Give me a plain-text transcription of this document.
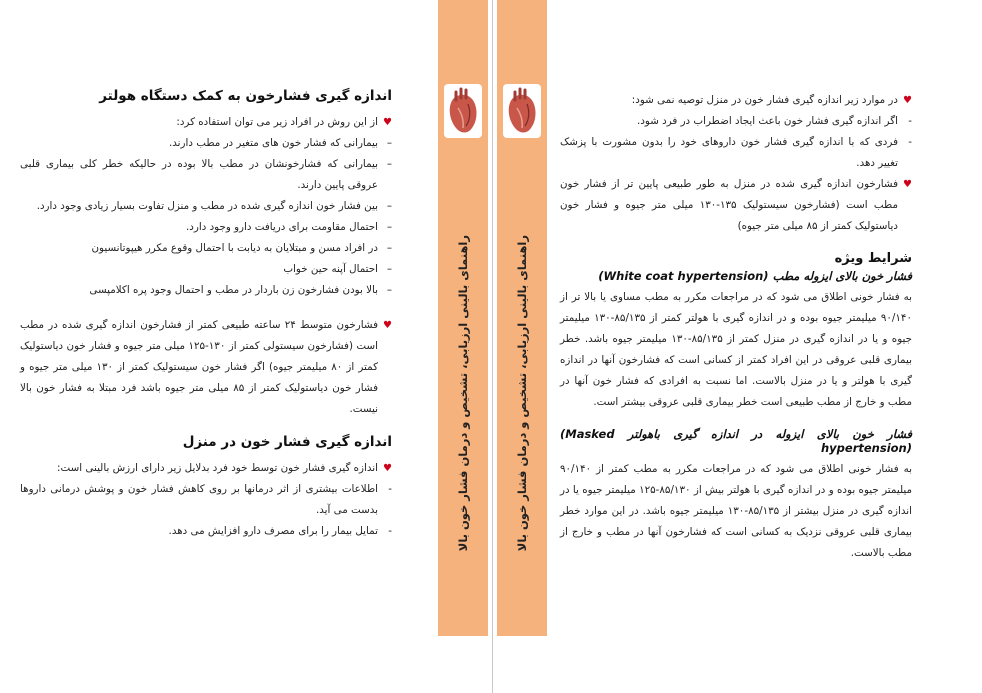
اندازه گیری فشارخون به کمک دستگاه هولتر

♥
از این روش در افراد زیر می توان استفاده کرد:

– بیمارانی که فشار خون های متغیر در مطب دارند.

– بیمارانی که فشارخونشان در مطب بالا بوده در حالیکه خطر کلی بیماری قلبی عروقی پایین دارند.

– بین فشار خون اندازه گیری شده در مطب و منزل تفاوت بسیار زیادی وجود دارد.

– احتمال مقاومت برای دریافت دارو وجود دارد.

– در افراد مسن و مبتلایان به دیابت با احتمال وقوع مکرر هیپوتانسیون

– احتمال آپنه حین خواب

– بالا بودن فشارخون زن باردار در مطب و احتمال وجود پره اکلامپسی

♥
فشارخون متوسط ۲۴ ساعته طبیعی کمتر از فشارخون اندازه گیری شده در مطب است (فشارخون سیستولی کمتر از ۱۳۰-۱۲۵ میلی متر جیوه و فشار خون دیاستولیک کمتر از ۸۰ میلیمتر جیوه) اگر فشار خون سیستولیک کمتر از ۱۳۰ میلی متر جیوه و فشار خون دیاستولیک کمتر از ۸۵ میلی متر جیوه باشد فرد مبتلا به فشار خون بالا نیست.

اندازه گیری فشار خون در منزل

♥
اندازه گیری فشار خون توسط خود فرد بدلایل زیر دارای ارزش بالینی است:

- اطلاعات بیشتری از اثر درمانها بر روی کاهش فشار خون و پوشش درمانی داروها بدست می آید.

- تمایل بیمار را برای مصرف دارو افزایش می دهد.	راهنمای بالینی ارزیابی، تشخیص و درمان فشار خون بالا	راهنمای بالینی ارزیابی، تشخیص و درمان فشار خون بالا

♥
در موارد زیر اندازه گیری فشار خون در منزل توصیه نمی شود:

- اگر اندازه گیری فشار خون باعث ایجاد اضطراب در فرد شود.

- فردی که با اندازه گیری فشار خون داروهای خود را بدون مشورت با پزشک تغییر دهد.

♥
فشارخون اندازه گیری شده در منزل به طور طبیعی پایین تر از فشار خون مطب است (فشارخون سیستولیک ۱۳۵-۱۳۰ میلی متر جیوه و فشار خون دیاستولیک کمتر از ۸۵ میلی متر جیوه)

شرایط ویژه
فشار خون بالای ایزوله مطب (White coat hypertension)

به فشار خونی اطلاق می شود که در مراجعات مکرر به مطب مساوی یا بالا تر از ۹۰/۱۴۰ میلیمتر جیوه بوده و در اندازه گیری با هولتر کمتر از ۸۵/۱۳۵-۱۳۰ میلیمتر جیوه و یا در اندازه گیری در منزل کمتر از ۸۵/۱۳۵-۱۳۰ میلیمتر جیوه باشد. خطر بیماری قلبی عروقی در این افراد کمتر از کسانی است که فشارخون آنها در اندازه گیری با هولتر و یا در منزل بالاست. اما نسبت به افرادی که فشار خون آنها در مطب و خارج از مطب طبیعی است خطر بیماری قلبی عروقی بیشتر است.

فشار خون بالای ایزوله در اندازه گیری باهولتر (Masked hypertension)

به فشار خونی اطلاق می شود که در مراجعات مکرر به مطب کمتر از ۹۰/۱۴۰ میلیمتر جیوه بوده و در اندازه گیری با هولتر بیش از ۸۵/۱۳۰-۱۲۵ میلیمتر جیوه یا در اندازه گیری در منزل بیشتر از ۸۵/۱۳۵-۱۳۰ میلیمتر جیوه باشد. در این موارد خطر بیماری قلبی عروقی نزدیک به کسانی است که فشارخون آنها در مطب و خارج از مطب بالاست.
